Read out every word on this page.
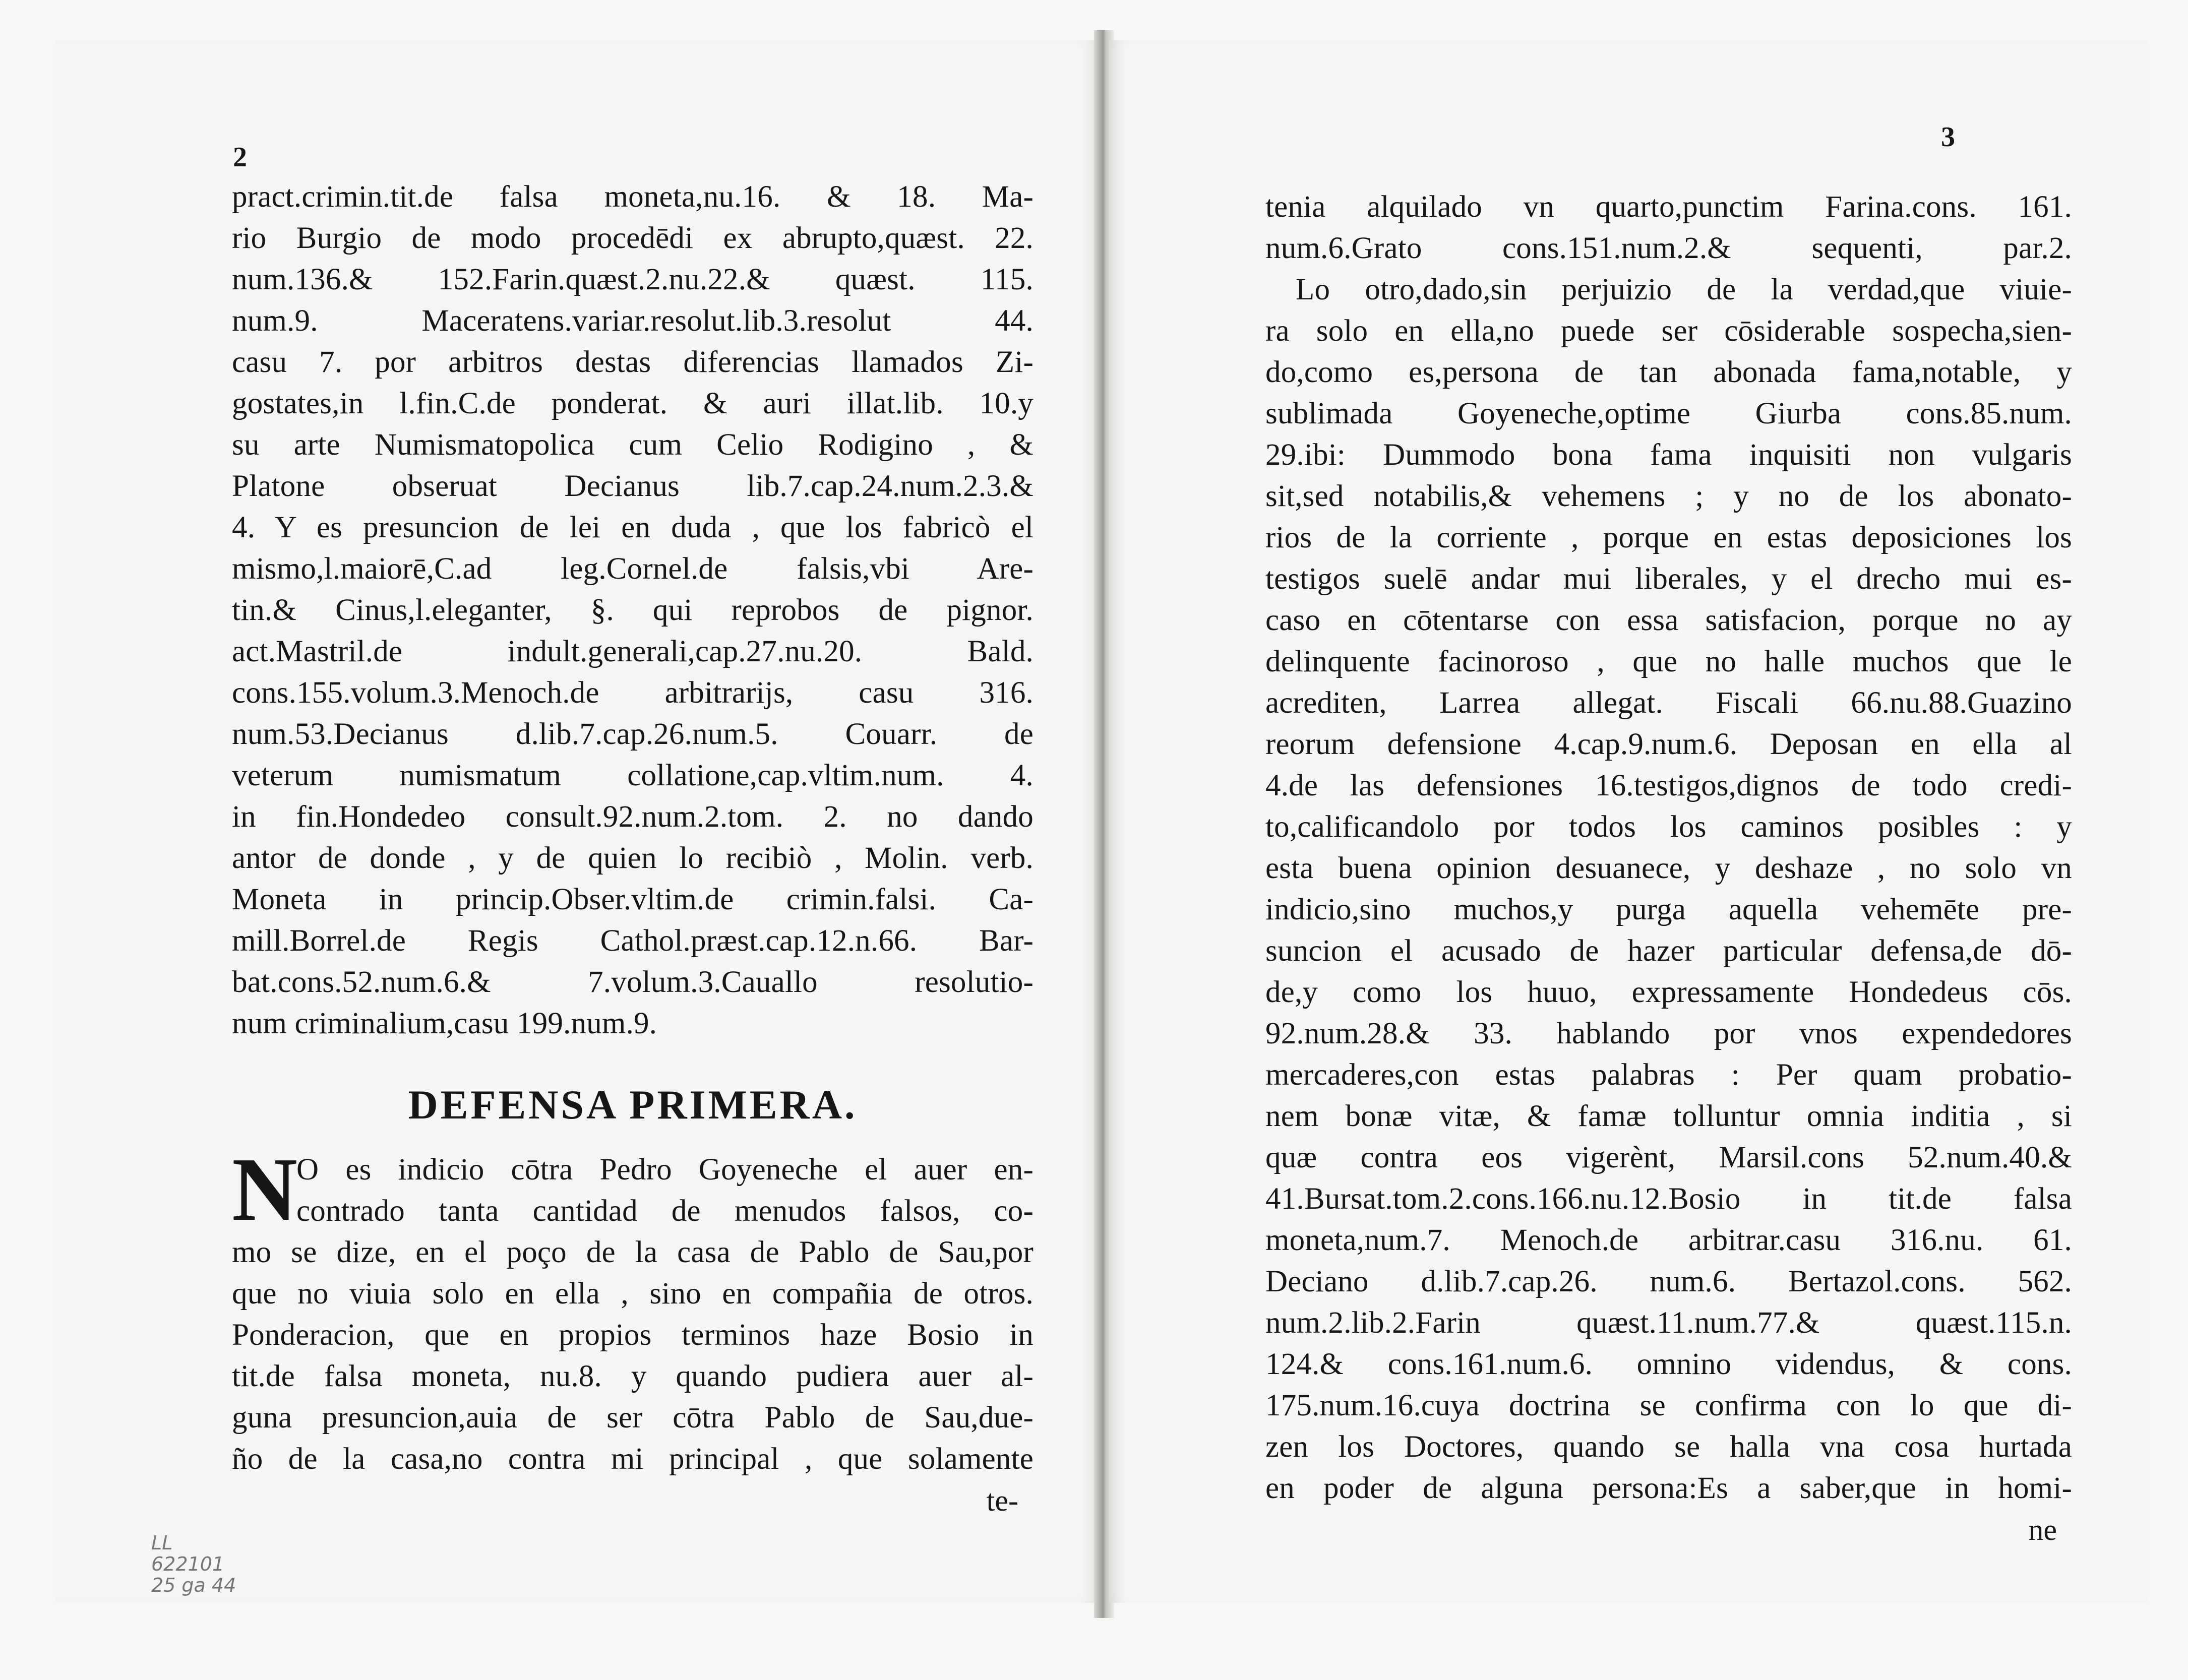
2
pract.crimin.tit.de falsa moneta,nu.16. & 18. Ma-
rio Burgio de modo procedēdi ex abrupto,quæst. 22.
num.136.& 152.Farin.quæst.2.nu.22.& quæst. 115.
num.9. Maceratens.variar.resolut.lib.3.resolut 44.
casu 7. por arbitros destas diferencias llamados Zi-
gostates,in l.fin.C.de ponderat. & auri illat.lib. 10.y
su arte Numismatopolica cum Celio Rodigino , &
Platone obseruat Decianus lib.7.cap.24.num.2.3.&
4. Y es presuncion de lei en duda , que los fabricò el
mismo,l.maiorē,C.ad leg.Cornel.de falsis,vbi Are-
tin.& Cinus,l.eleganter, §. qui reprobos de pignor.
act.Mastril.de indult.generali,cap.27.nu.20. Bald.
cons.155.volum.3.Menoch.de arbitrarijs, casu 316.
num.53.Decianus d.lib.7.cap.26.num.5. Couarr. de
veterum numismatum collatione,cap.vltim.num. 4.
in fin.Hondedeo consult.92.num.2.tom. 2. no dando
antor de donde , y de quien lo recibiò , Molin. verb.
Moneta in princip.Obser.vltim.de crimin.falsi. Ca-
mill.Borrel.de Regis Cathol.præst.cap.12.n.66. Bar-
bat.cons.52.num.6.& 7.volum.3.Cauallo resolutio-
num criminalium,casu 199.num.9.
DEFENSA PRIMERA.
N
O es indicio cōtra Pedro Goyeneche el auer en-
contrado tanta cantidad de menudos falsos, co-
mo se dize, en el poço de la casa de Pablo de Sau,por
que no viuia solo en ella , sino en compañia de otros.
Ponderacion, que en propios terminos haze Bosio in
tit.de falsa moneta, nu.8. y quando pudiera auer al-
guna presuncion,auia de ser cōtra Pablo de Sau,due-
ño de la casa,no contra mi principal , que solamente
te-
3
tenia alquilado vn quarto,punctim Farina.cons. 161.
num.6.Grato cons.151.num.2.& sequenti, par.2.
Lo otro,dado,sin perjuizio de la verdad,que viuie-
ra solo en ella,no puede ser cōsiderable sospecha,sien-
do,como es,persona de tan abonada fama,notable, y
sublimada Goyeneche,optime Giurba cons.85.num.
29.ibi: Dummodo bona fama inquisiti non vulgaris
sit,sed notabilis,& vehemens ; y no de los abonato-
rios de la corriente , porque en estas deposiciones los
testigos suelē andar mui liberales, y el drecho mui es-
caso en cōtentarse con essa satisfacion, porque no ay
delinquente facinoroso , que no halle muchos que le
acrediten, Larrea allegat. Fiscali 66.nu.88.Guazino
reorum defensione 4.cap.9.num.6. Deposan en ella al
4.de las defensiones 16.testigos,dignos de todo credi-
to,calificandolo por todos los caminos posibles : y
esta buena opinion desuanece, y deshaze , no solo vn
indicio,sino muchos,y purga aquella vehemēte pre-
suncion el acusado de hazer particular defensa,de dō-
de,y como los huuo, expressamente Hondedeus cōs.
92.num.28.& 33. hablando por vnos expendedores
mercaderes,con estas palabras : Per quam probatio-
nem bonæ vitæ, & famæ tolluntur omnia inditia , si
quæ contra eos vigerènt, Marsil.cons 52.num.40.&
41.Bursat.tom.2.cons.166.nu.12.Bosio in tit.de falsa
moneta,num.7. Menoch.de arbitrar.casu 316.nu. 61.
Deciano d.lib.7.cap.26. num.6. Bertazol.cons. 562.
num.2.lib.2.Farin quæst.11.num.77.& quæst.115.n.
124.& cons.161.num.6. omnino videndus, & cons.
175.num.16.cuya doctrina se confirma con lo que di-
zen los Doctores, quando se halla vna cosa hurtada
en poder de alguna persona:Es a saber,que in homi-
ne
LL
622101
25 ga 44
